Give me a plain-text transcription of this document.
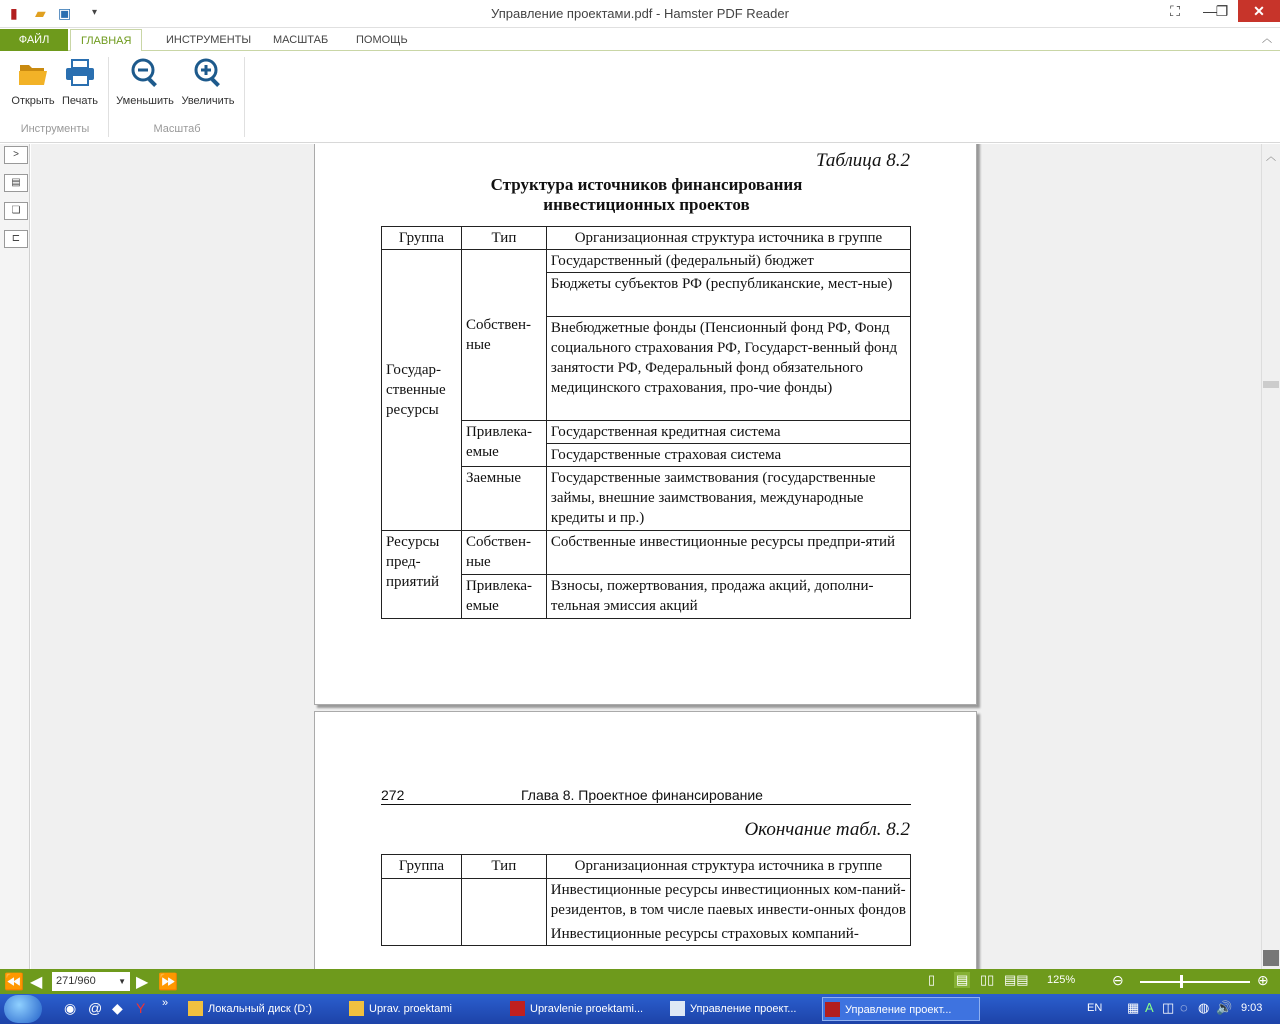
▮ ▰ ▣ ▾	Управление проектами.pdf - Hamster PDF Reader	⛶	—
❐	✕
ФАЙЛ	ГЛАВНАЯ	ИНСТРУМЕНТЫ	МАСШТАБ	ПОМОЩЬ	︿
Открыть Печать
Инструменты
Уменьшить Увеличить
Масштаб
>
▤
❏
⊏
Таблица 8.2
Структура источников финансирования
инвестиционных проектов
Группа	Тип	Организационная структура источника в группе
Государ-ственные ресурсы	Собствен-ные	Государственный (федеральный) бюджет
		Бюджеты субъектов РФ (республиканские, мест-ные)
		Внебюджетные фонды (Пенсионный фонд РФ, Фонд социального страхования РФ, Государст-венный фонд занятости РФ, Федеральный фонд обязательного медицинского страхования, про-чие фонды)
	Привлека-емые	Государственная кредитная система
		Государственные страховая система
	Заемные	Государственные заимствования (государственные займы, внешние заимствования, международные кредиты и пр.)
Ресурсы пред-приятий	Собствен-ные	Собственные инвестиционные ресурсы предпри-ятий
	Привлека-емые	Взносы, пожертвования, продажа акций, дополни-тельная эмиссия акций
272	Глава 8. Проектное финансирование
Окончание табл. 8.2
Группа	Тип	Организационная структура источника в группе
		Инвестиционные ресурсы инвестиционных ком-паний-резидентов, в том числе паевых инвести-онных фондов
		Инвестиционные ресурсы страховых компаний-
︿
⏪ ◀	271/960	▼ ▶ ⏩	▯ ▤ ▯▯ ▤▤ 125%	⊖	⊕
◉ @ ◆ Y »	Локальный диск (D:)	Uprav. proektami	Upravlenie proektami...	Управление проект...	Управление проект...	EN ▦ A ◫ ◌ ◍ 🔊 9:03
